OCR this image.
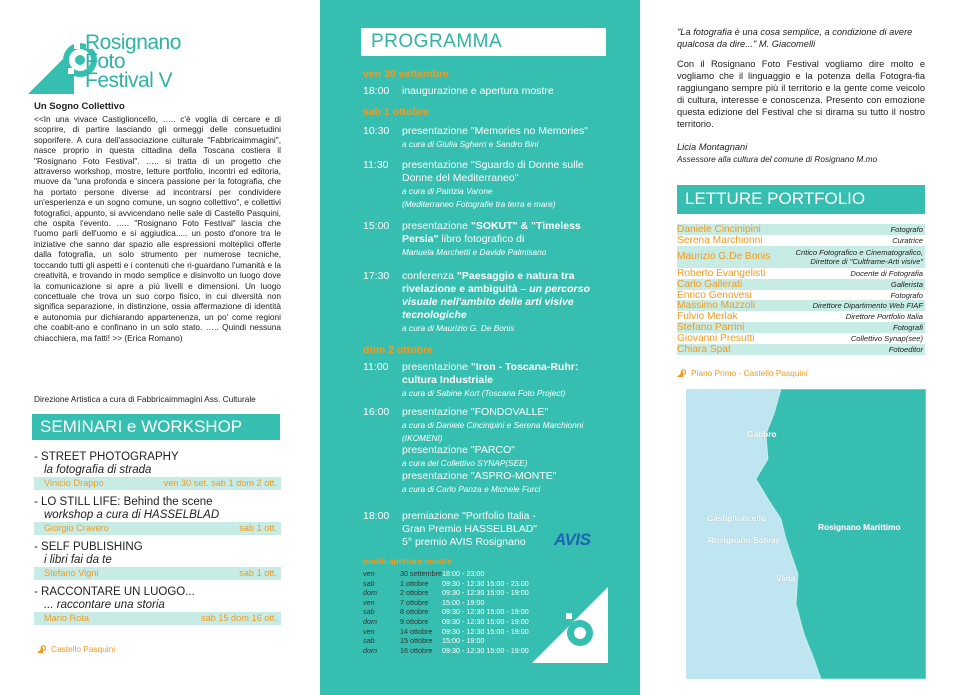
Rosignano
Foto
Festival V
Un Sogno Collettivo
<<In una vivace Castiglioncello, ….. c'è voglia di cercare e di scoprire, di partire lasciando gli ormeggi delle consuetudini soporifere. A cura dell'associazione culturale "Fabbricaimmagini", nasce proprio in questa cittadina della Toscana costiera il "Rosignano Foto Festival". ….. si tratta di un progetto che attraverso workshop, mostre, letture portfolio, incontri ed editoria, muove da "una profonda e sincera passione per la fotografia, che ha portato persone diverse ad incontrarsi per condividere un'esperienza e un sogno comune, un sogno collettivo", e collettivi fotografici, appunto, si avvicendano nelle sale di Castello Pasquini, che ospita l'evento. ….. "Rosignano Foto Festival" lascia che l'uomo parli dell'uomo e si aggiudica..... un posto d'onore tra le iniziative che sanno dar spazio alle espressioni molteplici offerte dalla fotografia, un solo strumento per numerose tecniche, toccando tutti gli aspetti e i contenuti che ri-guardano l'umanità e la creatività, e trovando in modo semplice e disinvolto un luogo dove la comunicazione si apre a più livelli e dimensioni. Un luogo concettuale che trova un suo corpo fisico, in cui diversità non significa separazione, in distinzione, ossia affermazione di identità e autonomia pur dichiarando appartenenza, un po' come regioni che coabit-ano e confinano in un solo stato. ….. Quindi nessuna chiacchiera, ma fatti! >> (Erica Romano)
Direzione Artistica a cura di Fabbricaimmagini Ass. Culturale
SEMINARI e WORKSHOP
- STREET PHOTOGRAPHY
la fotografia di strada
Vinicio Drappo	ven 30 set. sab 1 dom 2 ott.
- LO STILL LIFE: Behind the scene
workshop a cura di HASSELBLAD
Giorgio Cravero	sab 1 ott.
- SELF PUBLISHING
i libri fai da te
Stefano Vigni	sab 1 ott.
- RACCONTARE UN LUOGO...
... raccontare una storia
Mario Rota	sab 15 dom 16 ott.
Castello Pasquini
PROGRAMMA
ven 30 settembre
18:00	inaugurazione e apertura mostre
sab 1 ottobre
10:30	presentazione "Memories no Memories"
a cura di Giulia Sgherri e Sandro Bini
11:30	presentazione "Sguardo di Donne sulle Donne del Mediterraneo"
a cura di Patrizia Varone
(Mediterraneo Fotografie tra terra e mare)
15:00	presentazione "SOKUT" & "Timeless Persia" libro fotografico di
Manuela Marchetti e Davide Palmisano
17:30	conferenza "Paesaggio e natura tra rivelazione e ambiguità – un percorso visuale nell'ambito delle arti visive tecnologiche
a cura di Maurizio G. De Bonis
dom 2 ottobre
11:00	presentazione "Iron - Toscana-Ruhr: cultura Industriale
a cura di Sabine Kort (Toscana Foto Project)
16:00	presentazione "FONDOVALLE"
a cura di Daniele Cincinipini e Serena Marchionni
(IKOMENI)
presentazione "PARCO"
a cura del Collettivo SYNAP(SEE)
presentazione "ASPRO-MONTE"
a cura di Carlo Panza e Michele Furci
18:00	premiazione "Portfolio Italia - Gran Premio HASSELBLAD"
5° premio AVIS Rosignano	AVIS
orario apertura mostre
ven	30 settembre 18:00 - 23:00
sab	1 ottobre	09:30 - 12:30 15:00 - 23:00
dom	2 ottobre	09:30 - 12:30 15:00 - 19:00
ven	7 ottobre	15:00 - 19:00
sab	8 ottobre	09:30 - 12:30 15:00 - 19:00
dom	9 ottobre	09:30 - 12:30 15:00 - 19:00
ven	14 ottobre	09:30 - 12:30 15:00 - 19:00
sab	15 ottobre	15:00 - 19:00
dom	16 ottobre	09:30 - 12:30 15:00 - 19:00
"La fotografia è una cosa semplice, a condizione di avere qualcosa da dire..." M. Giacomelli
Con il Rosignano Foto Festival vogliamo dire molto e vogliamo che il linguaggio e la potenza della Fotogra-fia raggiungano sempre più il territorio e la gente come veicolo di cultura, interesse e conoscenza. Presento con emozione questa edizione del Festival che si dirama su tutto il nostro territorio.
Licia Montagnani
Assessore alla cultura del comune di Rosignano M.mo
LETTURE PORTFOLIO
Daniele Cincinipini	Fotografo
Serena Marchionni	Curatrice
Maurizio G.De Bonis	Critico Fotografico e Cinematografico, Direttore di "Cultframe-Arti visive"
Roberto Evangelisti	Docente di Fotografia
Carlo Gallerati	Gallerista
Enrico Genovesi	Fotografo
Massimo Mazzoli	Direttore Dipartimento Web FIAF
Fulvio Merlak	Direttore Portfolio Italia
Stefano Parrini	Fotografi
Giovanni Presutti	Collettivo Synap(see)
Chiara Spat	Fotoeditor
Piano Primo - Castello Pasquini
Gabbro
Castiglioncello
Rosignano Marittimo
Rosignano Solvay
Vada
